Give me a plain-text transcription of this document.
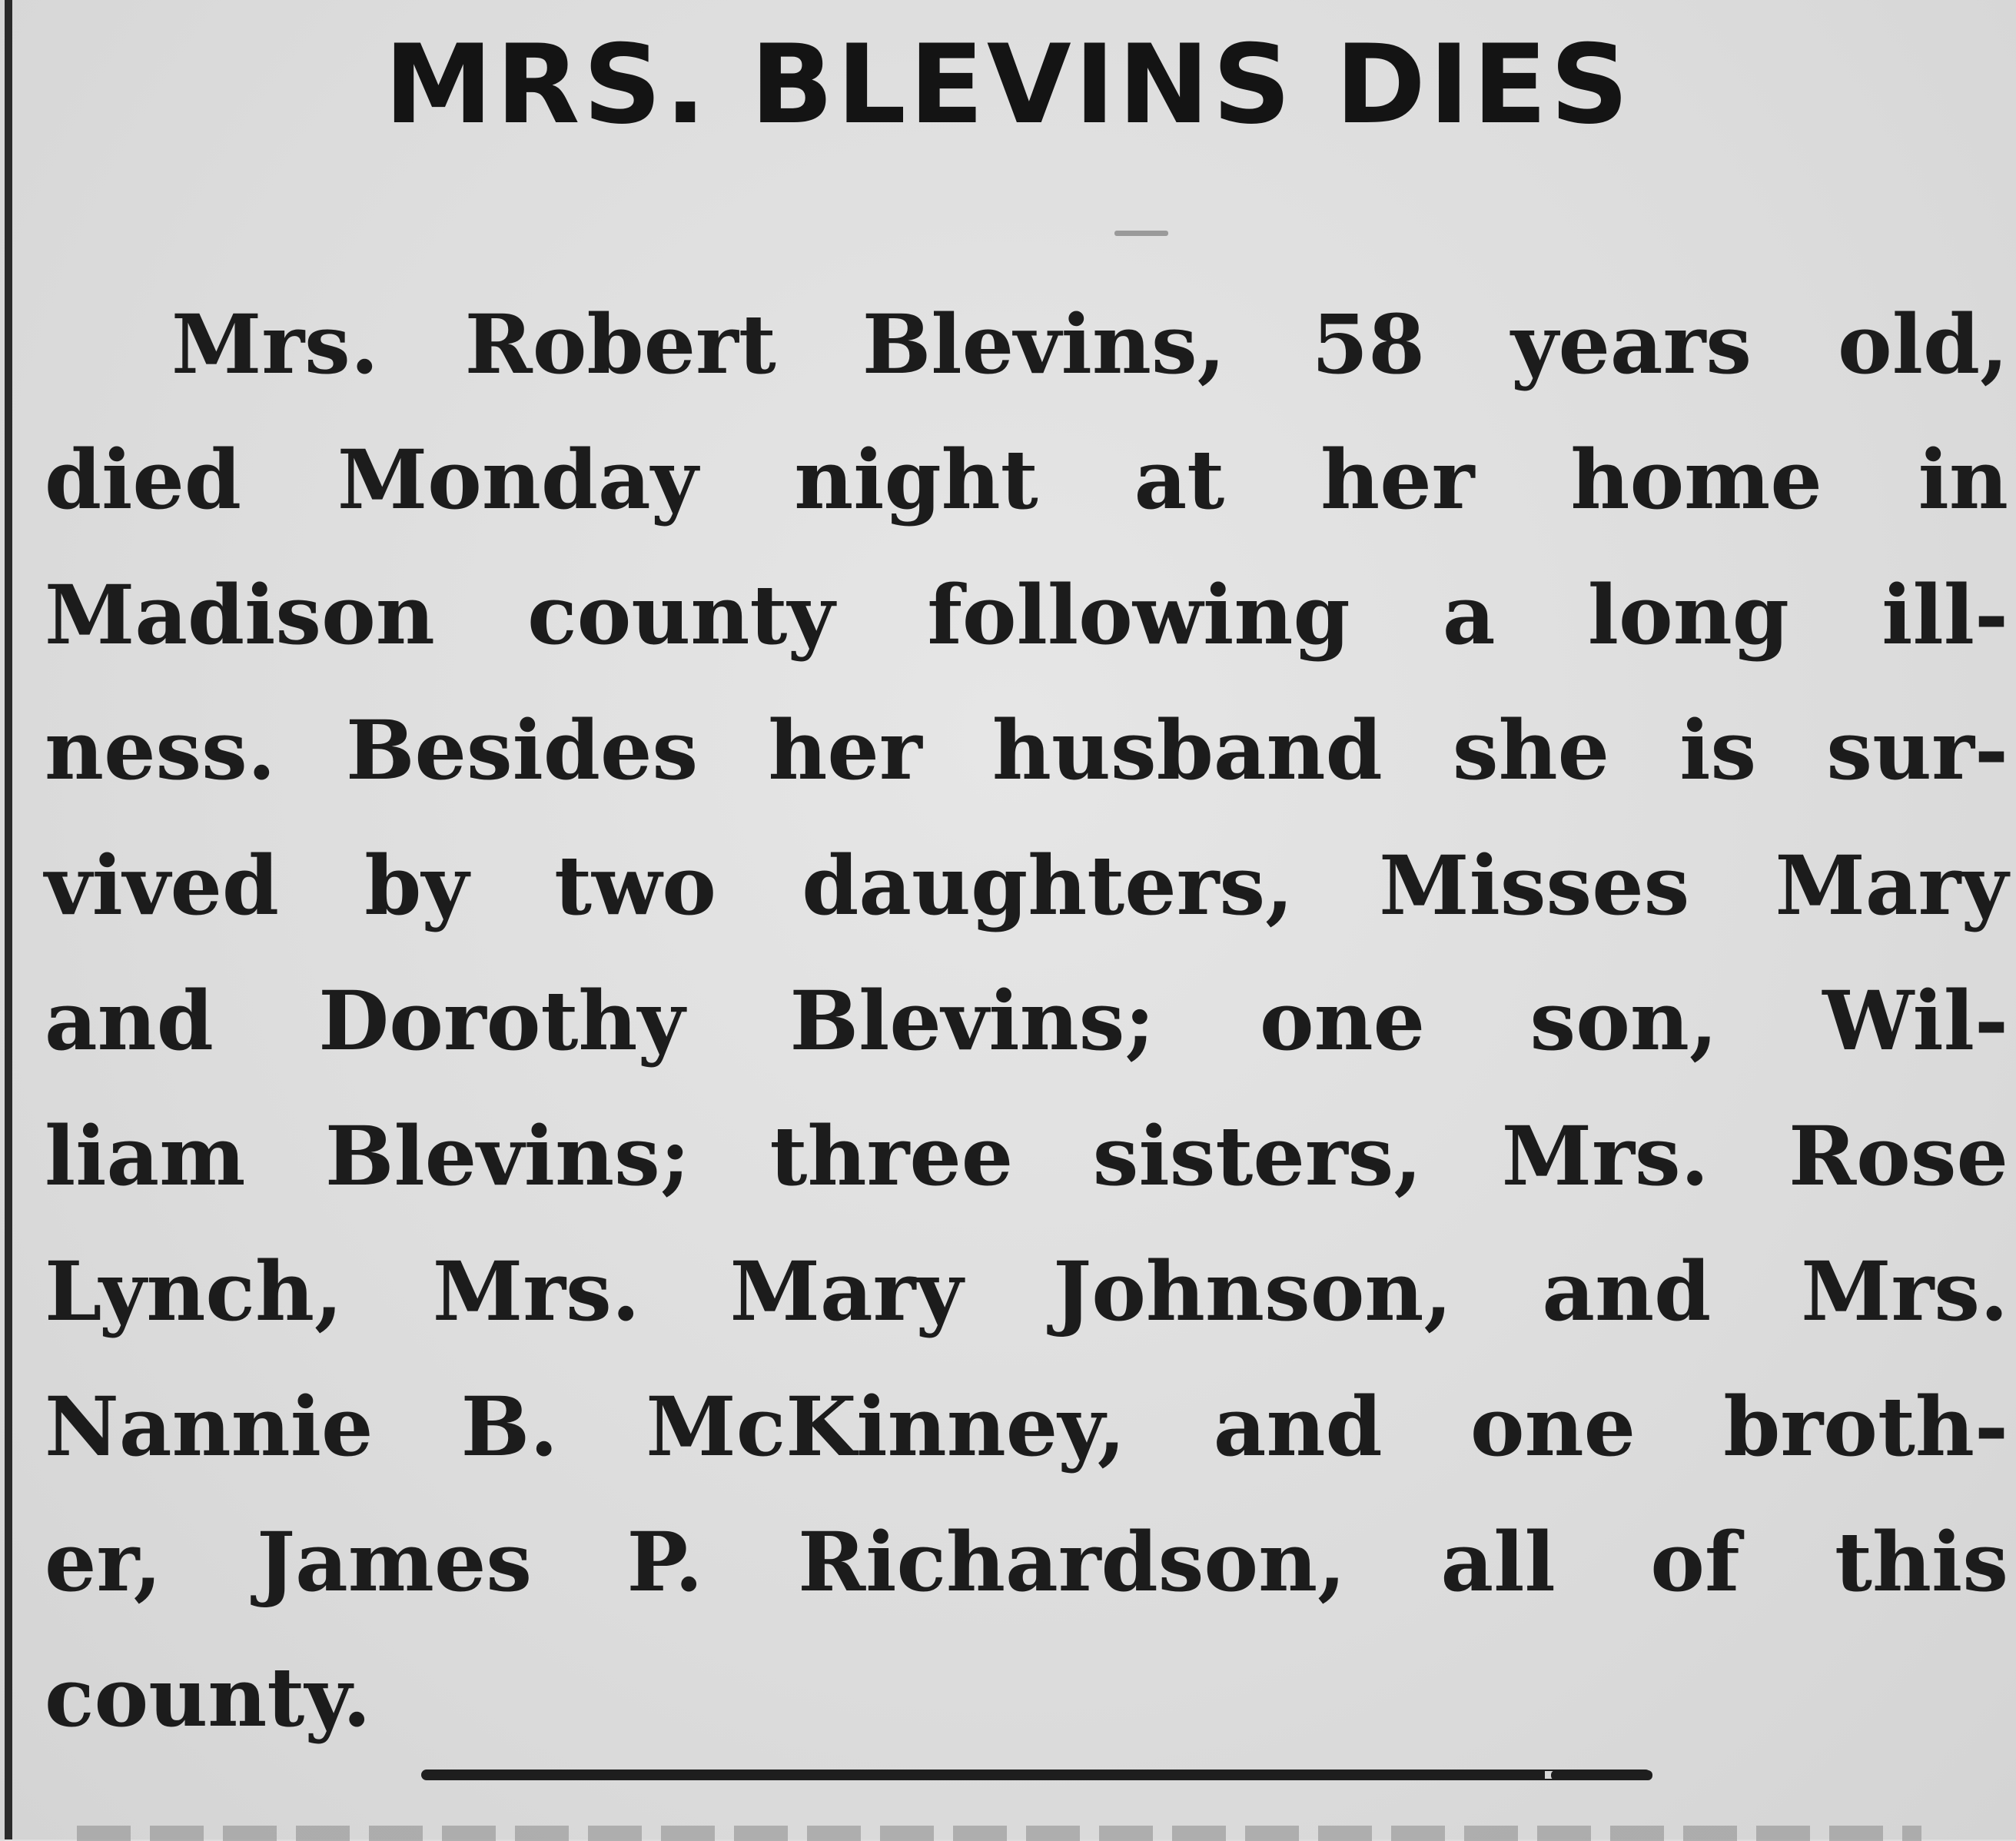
MRS. BLEVINS DIES
Mrs. Robert Blevins, 58 years old,
died Monday night at her home in
Madison county following a long ill-
ness. Besides her husband she is sur-
vived by two daughters, Misses Mary
and Dorothy Blevins; one son, Wil-
liam Blevins; three sisters, Mrs. Rose
Lynch, Mrs. Mary Johnson, and Mrs.
Nannie B. McKinney, and one broth-
er, James P. Richardson, all of this
county.
